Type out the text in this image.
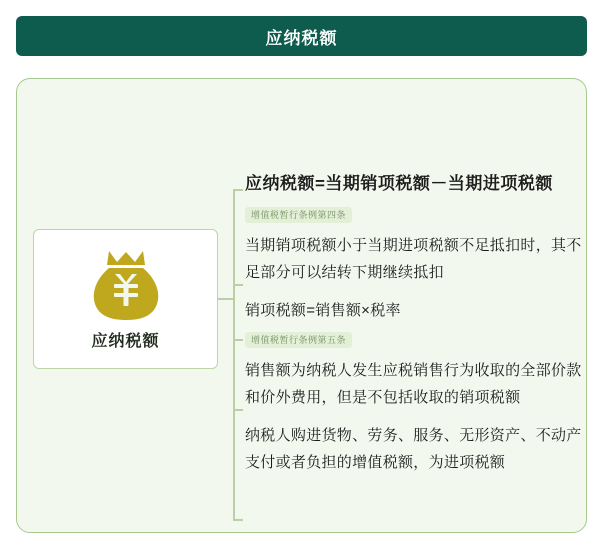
应纳税额
应纳税额
应纳税额=当期销项税额－当期进项税额
增值税暂行条例第四条
当期销项税额小于当期进项税额不足抵扣时，其不足部分可以结转下期继续抵扣
销项税额=销售额×税率
增值税暂行条例第五条
销售额为纳税人发生应税销售行为收取的全部价款和价外费用，但是不包括收取的销项税额
纳税人购进货物、劳务、服务、无形资产、不动产支付或者负担的增值税额，为进项税额
